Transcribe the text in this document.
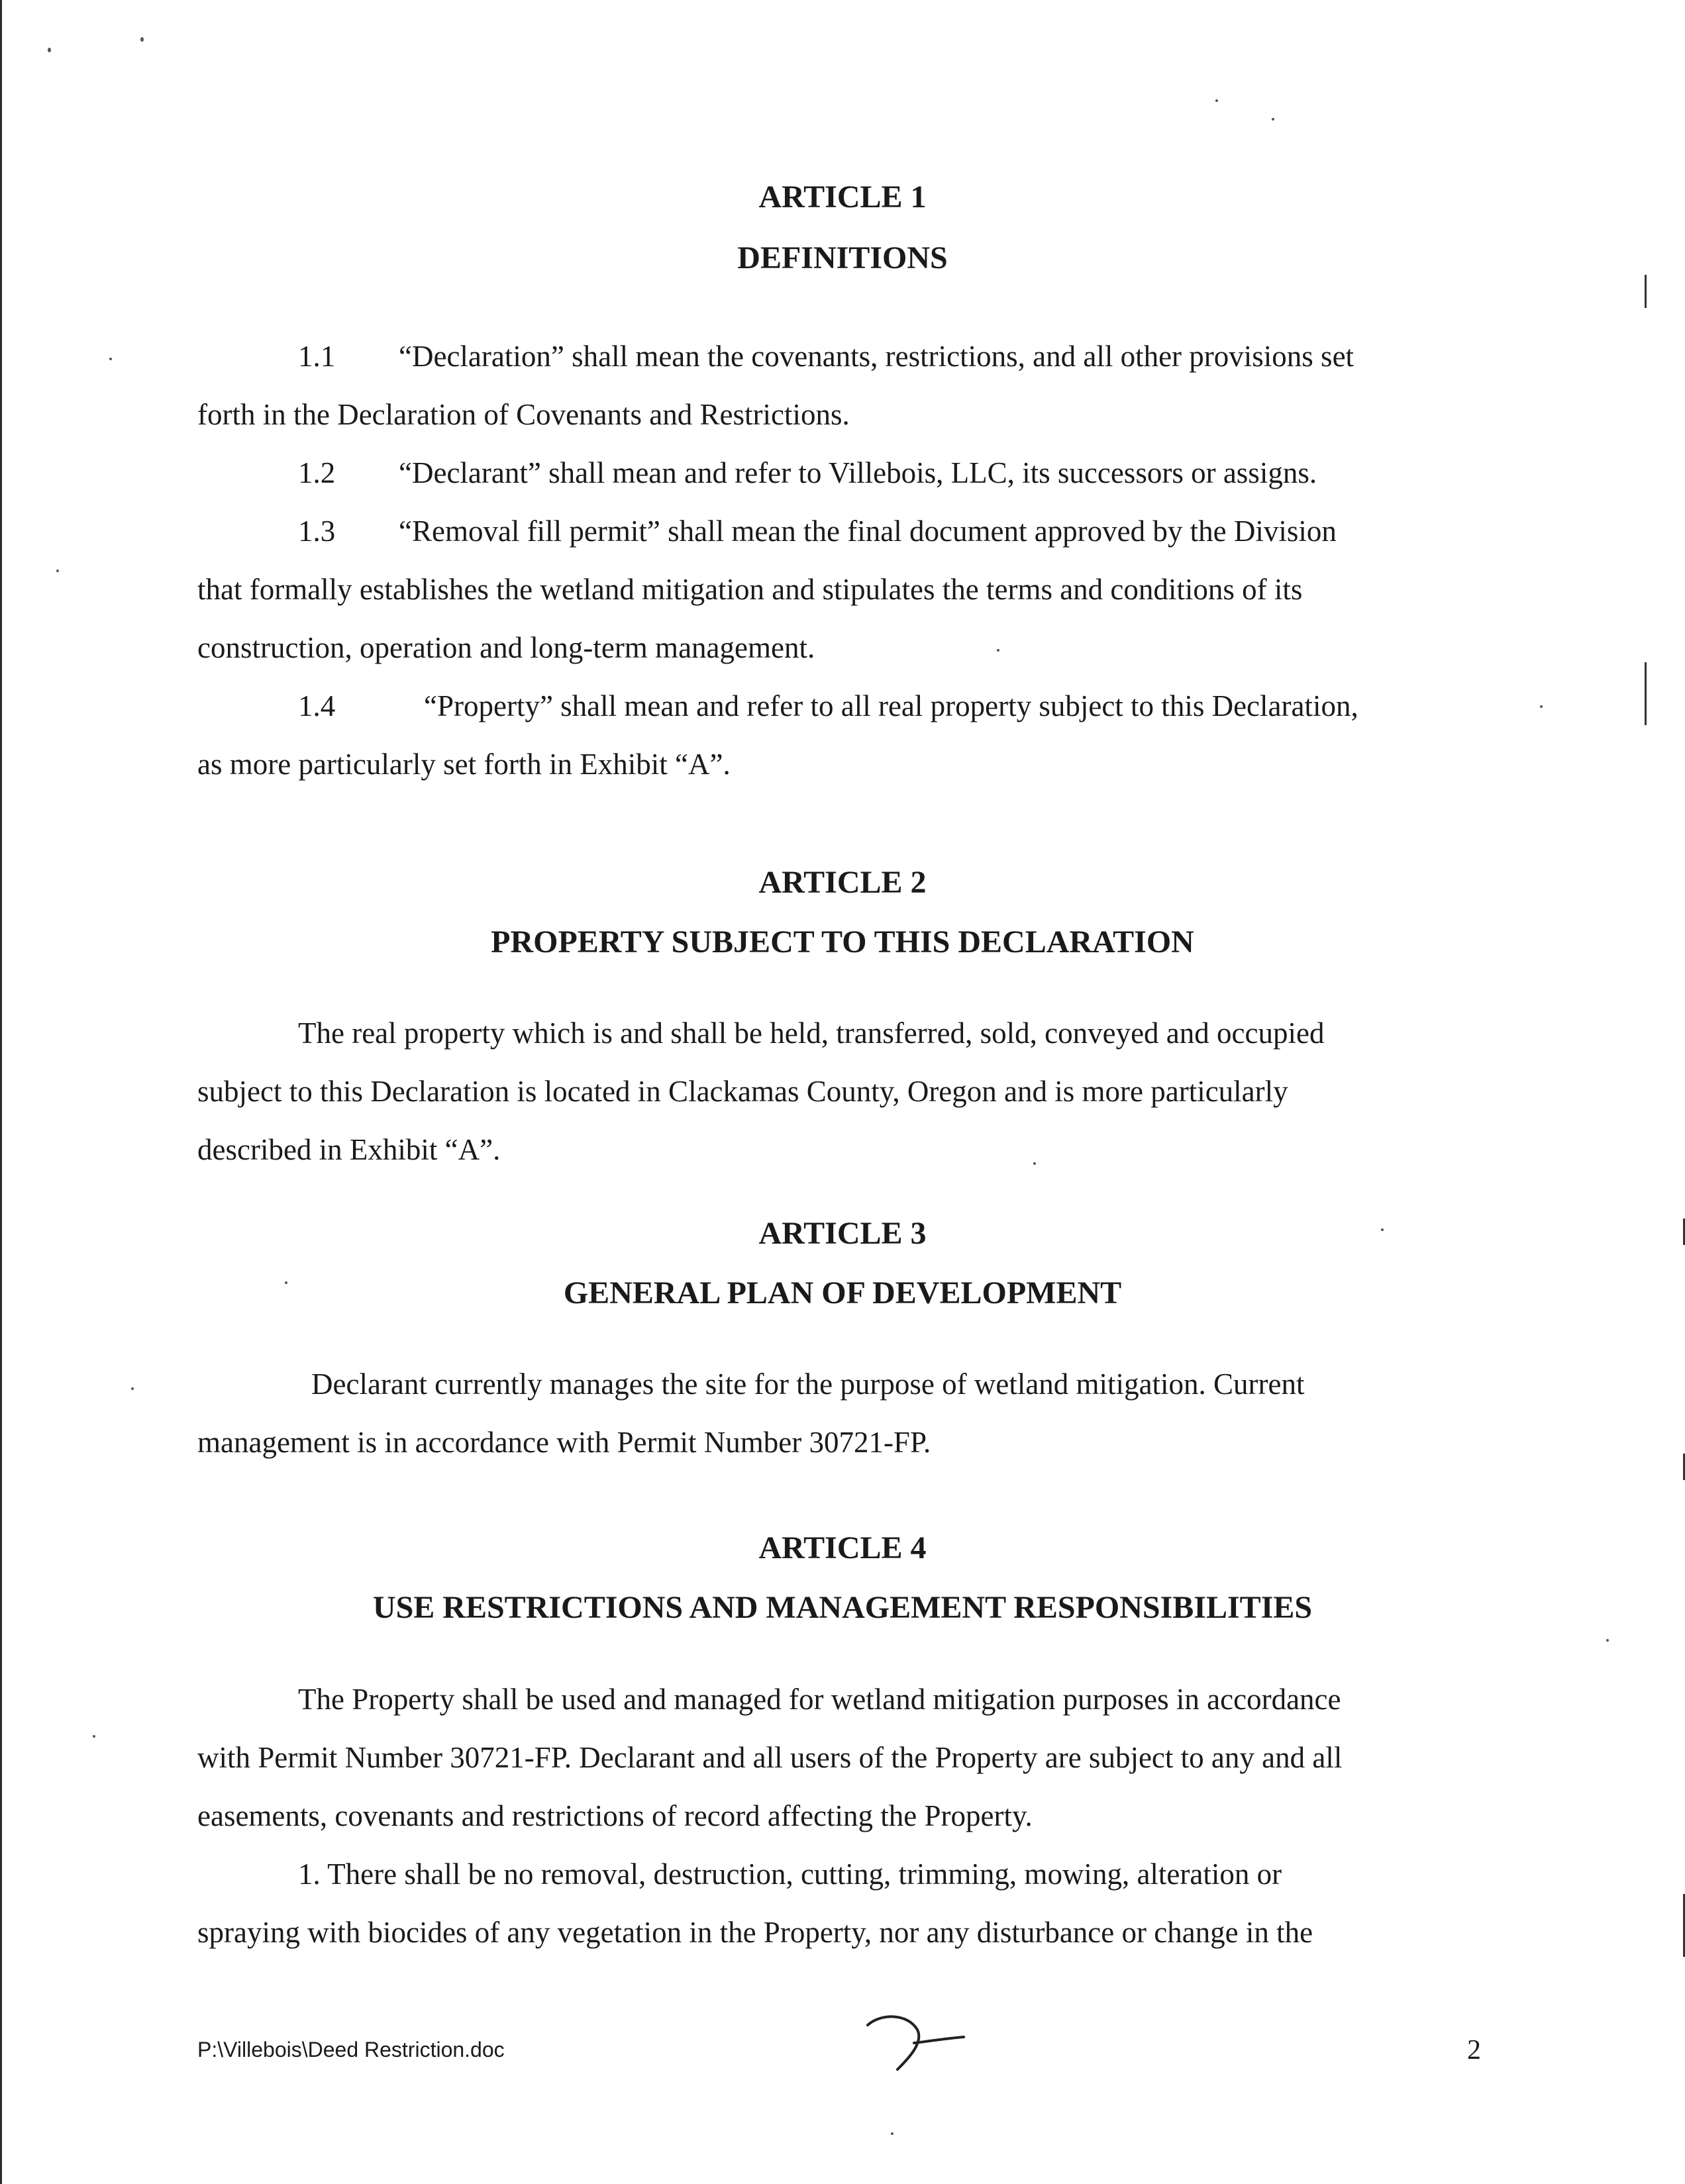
ARTICLE 1
DEFINITIONS

1.1 “Declaration” shall mean the covenants, restrictions, and all other provisions set

forth in the Declaration of Covenants and Restrictions.

1.2 “Declarant” shall mean and refer to Villebois, LLC, its successors or assigns.

1.3 “Removal fill permit” shall mean the final document approved by the Division

that formally establishes the wetland mitigation and stipulates the terms and conditions of its

construction, operation and long-term management.

1.4	“Property” shall mean and refer to all real property subject to this Declaration,

as more particularly set forth in Exhibit “A”.

ARTICLE 2
PROPERTY SUBJECT TO THIS DECLARATION

The real property which is and shall be held, transferred, sold, conveyed and occupied

subject to this Declaration is located in Clackamas County, Oregon and is more particularly

described in Exhibit “A”.

ARTICLE 3
GENERAL PLAN OF DEVELOPMENT

Declarant currently manages the site for the purpose of wetland mitigation. Current

management is in accordance with Permit Number 30721-FP.

ARTICLE 4
USE RESTRICTIONS AND MANAGEMENT RESPONSIBILITIES

The Property shall be used and managed for wetland mitigation purposes in accordance

with Permit Number 30721-FP. Declarant and all users of the Property are subject to any and all

easements, covenants and restrictions of record affecting the Property.

1. There shall be no removal, destruction, cutting, trimming, mowing, alteration or

spraying with biocides of any vegetation in the Property, nor any disturbance or change in the

P:\Villebois\Deed Restriction.doc	2
